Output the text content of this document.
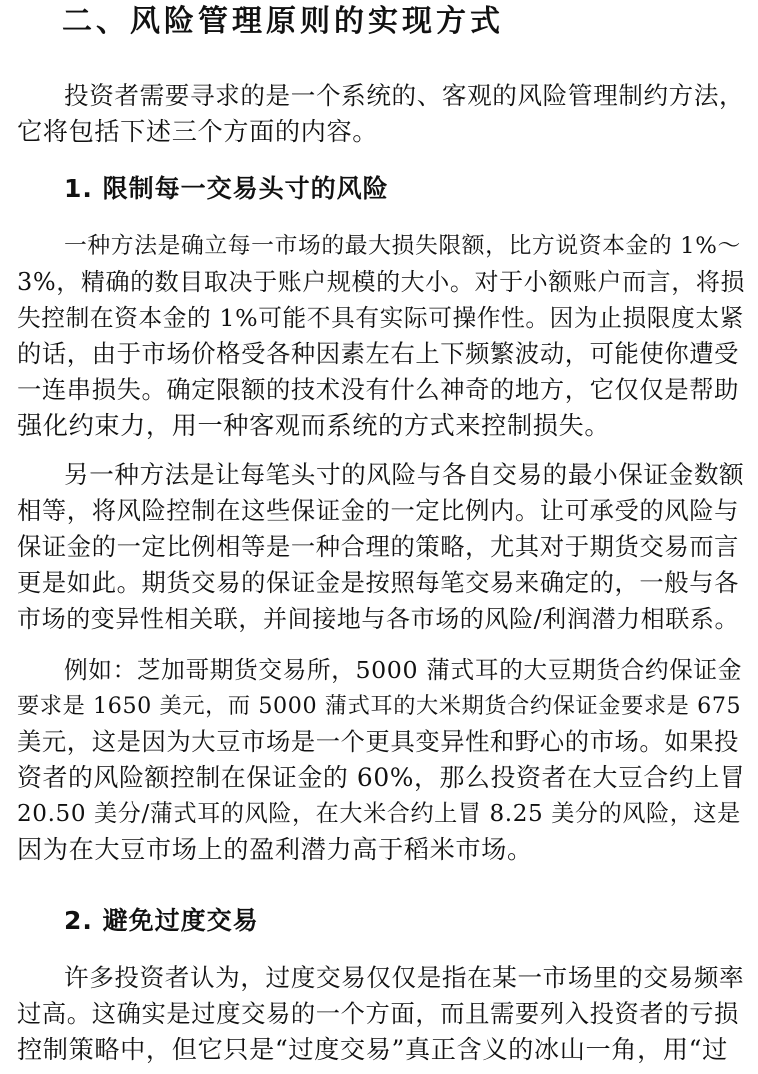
二、风险管理原则的实现方式
投资者需要寻求的是一个系统的、客观的风险管理制约方法，
它将包括下述三个方面的内容。
1. 限制每一交易头寸的风险
一种方法是确立每一市场的最大损失限额，比方说资本金的 1%～
3%，精确的数目取决于账户规模的大小。对于小额账户而言，将损
失控制在资本金的 1%可能不具有实际可操作性。因为止损限度太紧
的话，由于市场价格受各种因素左右上下频繁波动，可能使你遭受
一连串损失。确定限额的技术没有什么神奇的地方，它仅仅是帮助
强化约束力，用一种客观而系统的方式来控制损失。
另一种方法是让每笔头寸的风险与各自交易的最小保证金数额
相等，将风险控制在这些保证金的一定比例内。让可承受的风险与
保证金的一定比例相等是一种合理的策略，尤其对于期货交易而言
更是如此。期货交易的保证金是按照每笔交易来确定的，一般与各
市场的变异性相关联，并间接地与各市场的风险/利润潜力相联系。
例如：芝加哥期货交易所，5000 蒲式耳的大豆期货合约保证金
要求是 1650 美元，而 5000 蒲式耳的大米期货合约保证金要求是 675
美元，这是因为大豆市场是一个更具变异性和野心的市场。如果投
资者的风险额控制在保证金的 60%，那么投资者在大豆合约上冒
20.50 美分/蒲式耳的风险，在大米合约上冒 8.25 美分的风险，这是
因为在大豆市场上的盈利潜力高于稻米市场。
2. 避免过度交易
许多投资者认为，过度交易仅仅是指在某一市场里的交易频率
过高。这确实是过度交易的一个方面，而且需要列入投资者的亏损
控制策略中，但它只是“过度交易”真正含义的冰山一角，用“过
